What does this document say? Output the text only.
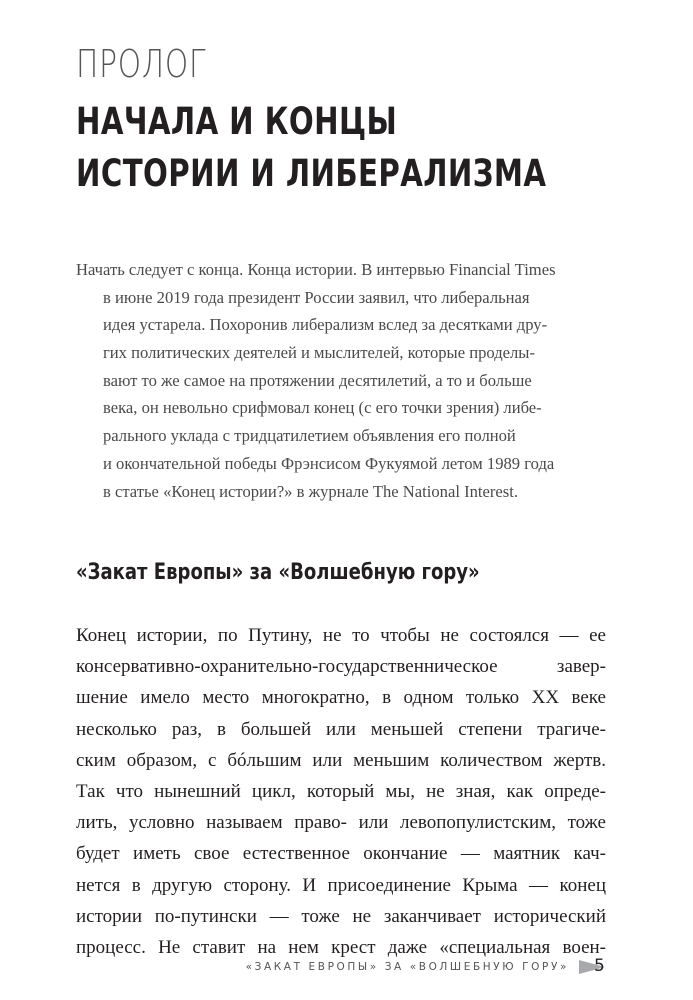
ПРОЛОГ
НАЧАЛА И КОНЦЫ
ИСТОРИИ И ЛИБЕРАЛИЗМА
Начать следует с конца. Конца истории. В интервью Financial Times
в июне 2019 года президент России заявил, что либеральная
идея устарела. Похоронив либерализм вслед за десятками дру-
гих политических деятелей и мыслителей, которые проделы-
вают то же самое на протяжении десятилетий, а то и больше
века, он невольно срифмовал конец (с его точки зрения) либе-
рального уклада с тридцатилетием объявления его полной
и окончательной победы Фрэнсисом Фукуямой летом 1989 года
в статье «Конец истории?» в журнале The National Interest.
«Закат Европы» за «Волшебную гору»
Конец истории, по Путину, не то чтобы не состоялся — ее
консервативно-охранительно-государственническое завер-
шение имело место многократно, в одном только XX веке
несколько раз, в большей или меньшей степени трагиче-
ским образом, с бóльшим или меньшим количеством жертв.
Так что нынешний цикл, который мы, не зная, как опреде-
лить, условно называем право- или левопопулистским, тоже
будет иметь свое естественное окончание — маятник кач-
нется в другую сторону. И присоединение Крыма — конец
истории по-путински — тоже не заканчивает исторический
процесс. Не ставит на нем крест даже «специальная воен-
«ЗАКАТ ЕВРОПЫ» ЗА «ВОЛШЕБНУЮ ГОРУ» 5
